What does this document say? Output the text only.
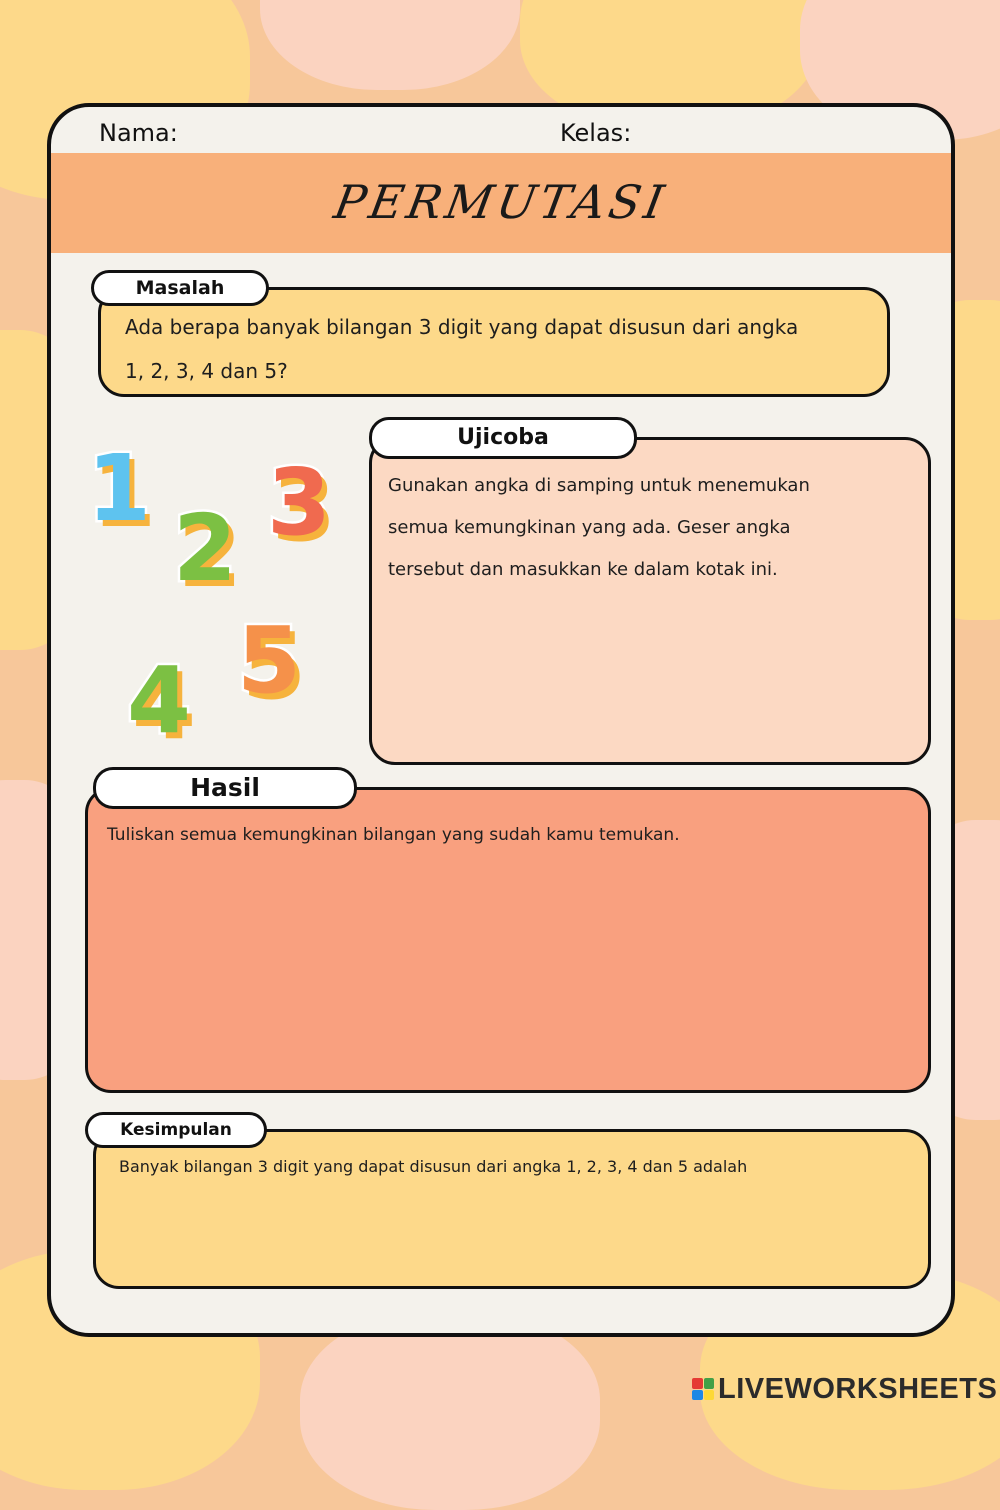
Nama:	Kelas:
PERMUTASI
Masalah
Ada berapa banyak bilangan 3 digit yang dapat disusun dari angka
1, 2, 3, 4 dan 5?
1
2 3
4 5
Ujicoba
Gunakan angka di samping untuk menemukan
semua kemungkinan yang ada. Geser angka
tersebut dan masukkan ke dalam kotak ini.
Hasil
Tuliskan semua kemungkinan bilangan yang sudah kamu temukan.
Kesimpulan
Banyak bilangan 3 digit yang dapat disusun dari angka 1, 2, 3, 4 dan 5 adalah
LIVEWORKSHEETS
